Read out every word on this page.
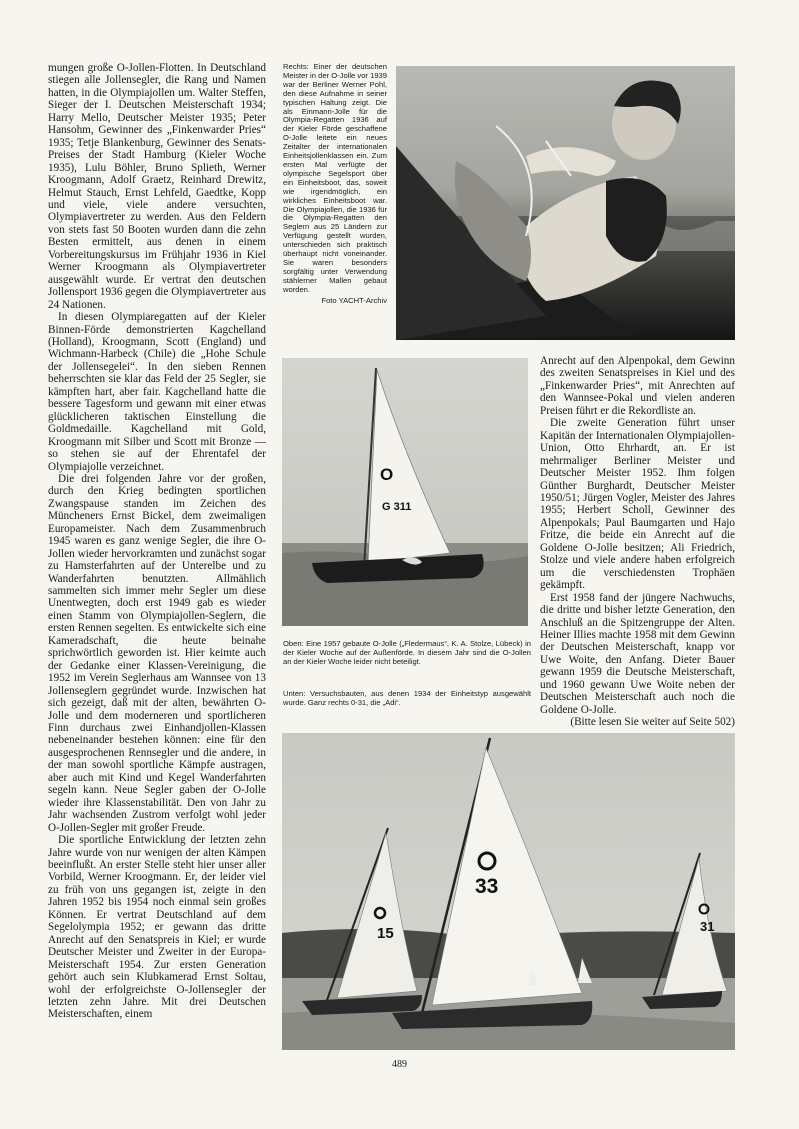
mungen große O-Jollen-Flotten. In Deutschland stiegen alle Jollensegler, die Rang und Namen hatten, in die Olympiajollen um. Walter Steffen, Sieger der I. Deutschen Meisterschaft 1934; Harry Mello, Deutscher Meister 1935; Peter Hansohm, Gewinner des „Finkenwarder Pries“ 1935; Tetje Blankenburg, Gewinner des Senats-Preises der Stadt Hamburg (Kieler Woche 1935), Lulu Böhler, Bruno Splieth, Werner Kroogmann, Adolf Graetz, Reinhard Drewitz, Helmut Stauch, Ernst Lehfeld, Gaedtke, Kopp und viele, viele andere versuchten, Olympiavertreter zu werden. Aus den Feldern von stets fast 50 Booten wurden dann die zehn Besten ermittelt, aus denen in einem Vorbereitungskursus im Frühjahr 1936 in Kiel Werner Kroogmann als Olympiavertreter ausgewählt wurde. Er vertrat den deutschen Jollensport 1936 gegen die Olympiavertreter aus 24 Nationen.

In diesen Olympiaregatten auf der Kieler Binnen-Förde demonstrierten Kagchelland (Holland), Kroogmann, Scott (England) und Wichmann-Harbeck (Chile) die „Hohe Schule der Jollensegelei“. In den sieben Rennen beherrschten sie klar das Feld der 25 Segler, sie kämpften hart, aber fair. Kagchelland hatte die bessere Tagesform und gewann mit einer etwas glücklicheren taktischen Einstellung die Goldmedaille. Kagchelland mit Gold, Kroogmann mit Silber und Scott mit Bronze — so stehen sie auf der Ehrentafel der Olympiajolle verzeichnet.

Die drei folgenden Jahre vor der großen, durch den Krieg bedingten sportlichen Zwangspause standen im Zeichen des Müncheners Ernst Bickel, dem zweimaligen Europameister. Nach dem Zusammenbruch 1945 waren es ganz wenige Segler, die ihre O-Jollen wieder hervorkramten und zunächst sogar zu Hamsterfahrten auf der Unterelbe und zu Wanderfahrten benutzten. Allmählich sammelten sich immer mehr Segler um diese Unentwegten, doch erst 1949 gab es wieder einen Stamm von Olympiajollen-Seglern, die ersten Rennen segelten. Es entwickelte sich eine Kameradschaft, die heute beinahe sprichwörtlich geworden ist. Hier keimte auch der Gedanke einer Klassen-Vereinigung, die 1952 im Verein Seglerhaus am Wannsee von 13 Jollenseglern gegründet wurde. Inzwischen hat sich gezeigt, daß mit der alten, bewährten O-Jolle und dem moderneren und sportlicheren Finn durchaus zwei Einhandjollen-Klassen nebeneinander bestehen können: eine für den ausgesprochenen Rennsegler und die andere, in der man sowohl sportliche Kämpfe austragen, aber auch mit Kind und Kegel Wanderfahrten segeln kann. Neue Segler gaben der O-Jolle wieder ihre Klassenstabilität. Den von Jahr zu Jahr wachsenden Zustrom verfolgt wohl jeder O-Jollen-Segler mit großer Freude.

Die sportliche Entwicklung der letzten zehn Jahre wurde von nur wenigen der alten Kämpen beeinflußt. An erster Stelle steht hier unser aller Vorbild, Werner Kroogmann. Er, der leider viel zu früh von uns gegangen ist, zeigte in den Jahren 1952 bis 1954 noch einmal sein großes Können. Er vertrat Deutschland auf dem Segelolympia 1952; er gewann das dritte Anrecht auf den Senatspreis in Kiel; er wurde Deutscher Meister und Zweiter in der Europa-Meisterschaft 1954. Zur ersten Generation gehört auch sein Klubkamerad Ernst Soltau, wohl der erfolgreichste O-Jollensegler der letzten zehn Jahre. Mit drei Deutschen Meisterschaften, einem

Rechts: Einer der deutschen Meister in der O-Jolle vor 1939 war der Berliner Werner Pohl, den diese Aufnahme in seiner typischen Haltung zeigt. Die als Einmann-Jolle für die Olympia-Regatten 1936 auf der Kieler Förde geschaffene O-Jolle leitete ein neues Zeitalter der internationalen Einheitsjollenklassen ein. Zum ersten Mal verfügte der olympische Segelsport über ein Einheitsboot, das, soweit wie irgendmöglich, ein wirkliches Einheitsboot war. Die Olympiajollen, die 1936 für die Olympia-Regatten den Seglern aus 25 Ländern zur Verfügung gestellt wurden, unterschieden sich praktisch überhaupt nicht voneinander. Sie waren besonders sorgfältig unter Verwendung stählerner Mallen gebaut worden.
Foto YACHT-Archiv
O
G 311
Oben: Eine 1957 gebaute O-Jolle („Fledermaus“, K. A. Stolze, Lübeck) in der Kieler Woche auf der Außenförde. In diesem Jahr sind die O-Jollen an der Kieler Woche leider nicht beteiligt.
Unten: Versuchsbauten, aus denen 1934 der Einheitstyp ausgewählt wurde. Ganz rechts 0-31, die „Adi“.

Anrecht auf den Alpenpokal, dem Gewinn des zweiten Senatspreises in Kiel und des „Finkenwarder Pries“, mit Anrechten auf den Wannsee-Pokal und vielen anderen Preisen führt er die Rekordliste an.

Die zweite Generation führt unser Kapitän der Internationalen Olympiajollen-Union, Otto Ehrhardt, an. Er ist mehrmaliger Berliner Meister und Deutscher Meister 1952. Ihm folgen Günther Burghardt, Deutscher Meister 1950/51; Jürgen Vogler, Meister des Jahres 1955; Herbert Scholl, Gewinner des Alpenpokals; Paul Baumgarten und Hajo Fritze, die beide ein Anrecht auf die Goldene O-Jolle besitzen; Ali Friedrich, Stolze und viele andere haben erfolgreich um die verschiedensten Trophäen gekämpft.

Erst 1958 fand der jüngere Nachwuchs, die dritte und bisher letzte Generation, den Anschluß an die Spitzengruppe der Alten. Heiner Illies machte 1958 mit dem Gewinn der Deutschen Meisterschaft, knapp vor Uwe Woite, den Anfang. Dieter Bauer gewann 1959 die Deutsche Meisterschaft, und 1960 gewann Uwe Woite neben der Deutschen Meisterschaft auch noch die Goldene O-Jolle.

(Bitte lesen Sie weiter auf Seite 502)

15
33
31
489
